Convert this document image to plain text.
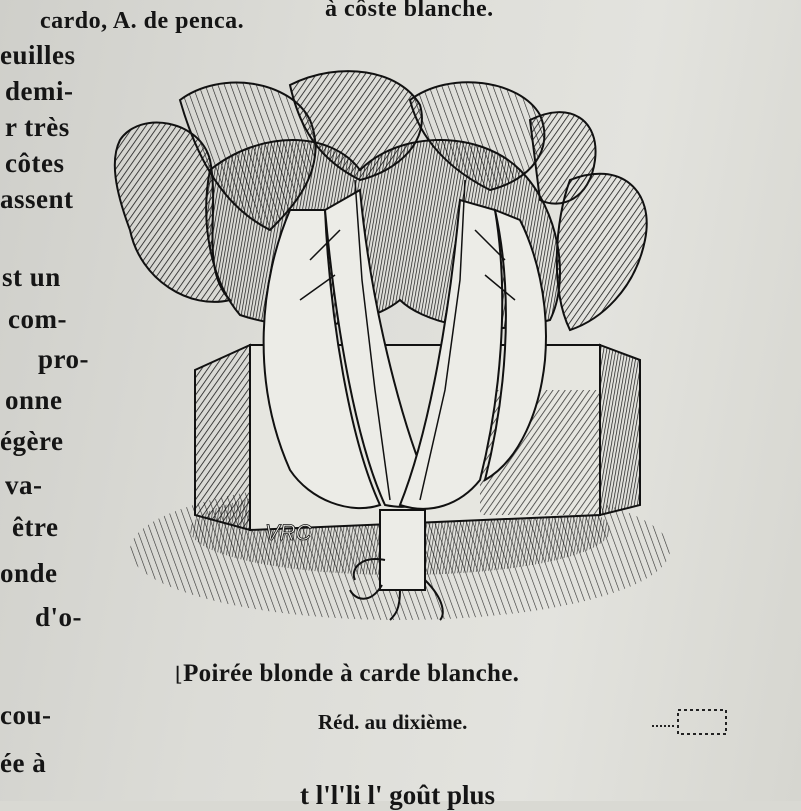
à côste blanche.
cardo, A. de penca.
euilles
demi-
r très
côtes
assent
st un
com-
pro-
onne
égère
va-
être
onde
d'o-
cou-
ée à
VRC
⌊Poirée blonde à carde blanche.
Réd. au dixième.
t l'l'li l' goût plus
